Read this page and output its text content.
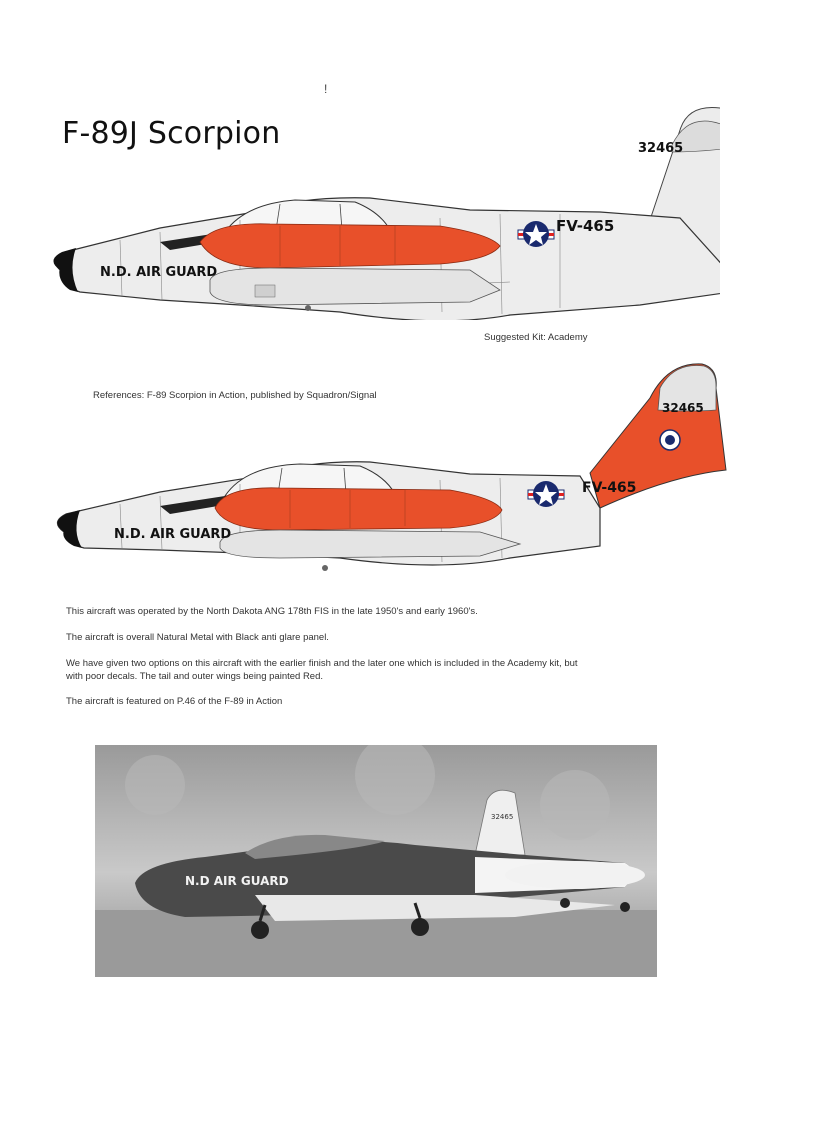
!
F-89J Scorpion
FV-465
32465
N.D. AIR GUARD
Suggested Kit: Academy
References: F-89 Scorpion in Action, published by Squadron/Signal
FV-465
32465
N.D. AIR GUARD
This aircraft was operated by the North Dakota ANG 178th FIS in the late 1950's and early 1960's.
The aircraft is overall Natural Metal with Black anti glare panel.
We have given two options on this aircraft with the earlier finish and the later one which is included in the Academy kit, but with poor decals. The tail and outer wings being painted Red.
The aircraft is featured on P.46 of the F-89 in Action
N.D AIR GUARD
32465
